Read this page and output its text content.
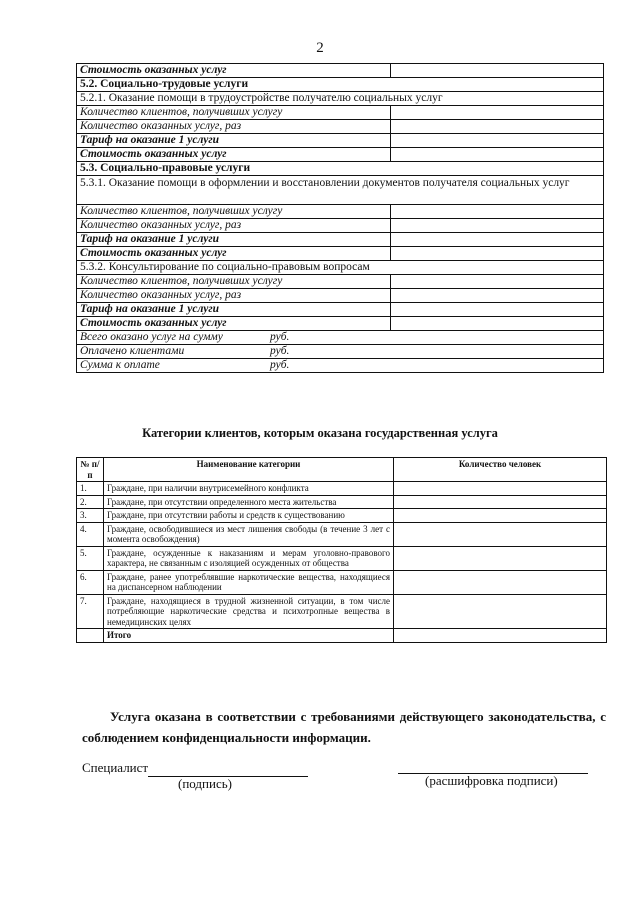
2
Стоимость оказанных услуг	
5.2. Социально-трудовые услуги	
5.2.1. Оказание помощи в трудоустройстве получателю социальных услуг	
Количество клиентов, получивших услугу	
Количество оказанных услуг, раз	
Тариф на оказание 1 услуги	
Стоимость оказанных услуг	
5.3. Социально-правовые услуги	
5.3.1. Оказание помощи в оформлении и восстановлении документов получателя социальных услуг	
Количество клиентов, получивших услугу	
Количество оказанных услуг, раз	
Тариф на оказание 1 услуги	
Стоимость оказанных услуг	
5.3.2. Консультирование по социально-правовым вопросам	
Количество клиентов, получивших услугу	
Количество оказанных услуг, раз	
Тариф на оказание 1 услуги	
Стоимость оказанных услуг	

Всего оказано услуг на сумму руб.	

Оплачено клиентами руб.	

Сумма к оплате руб.	
Категории клиентов, которым оказана государственная услуга
№ п/п	Наименование категории	Количество человек
1.	Граждане, при наличии внутрисемейного конфликта	
2.	Граждане, при отсутствии определенного места жительства	
3.	Граждане, при отсутствии работы и средств к существованию	
4.	Граждане, освободившиеся из мест лишения свободы (в течение 3 лет с момента освобождения)	
5.	Граждане, осужденные к наказаниям и мерам уголовно-правового характера, не связанным с изоляцией осужденных от общества	
6.	Граждане, ранее употреблявшие наркотические вещества, находящиеся на диспансерном наблюдении	
7.	Граждане, находящиеся в трудной жизненной ситуации, в том числе потребляющие наркотические средства и психотропные вещества в немедицинских целях	
	Итого	
Услуга оказана в соответствии с требованиями действующего законодательства, с соблюдением конфиденциальности информации.
Специалист
(подпись)	(расшифровка подписи)
